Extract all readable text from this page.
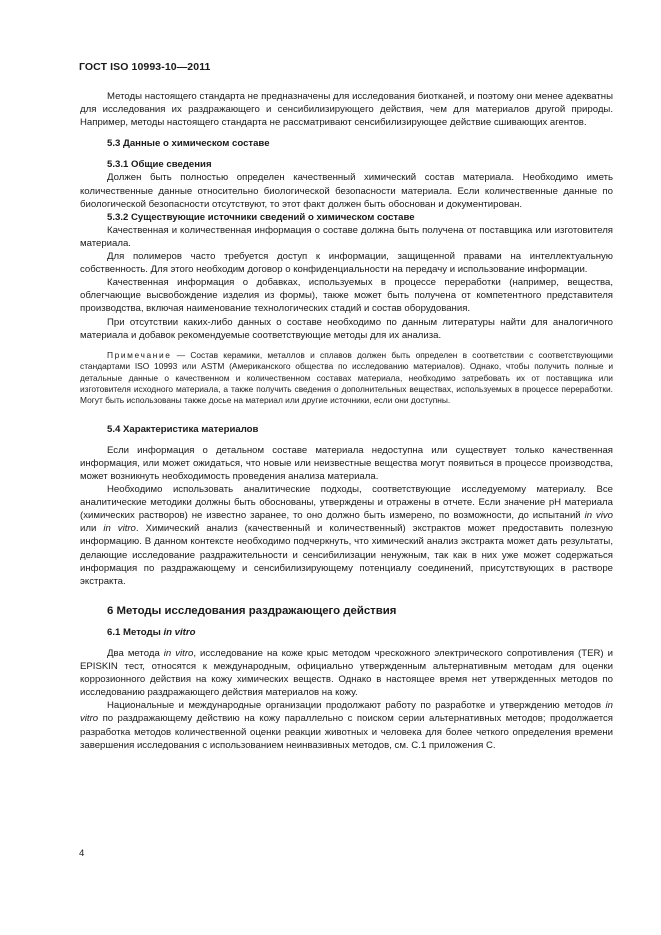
ГОСТ ISO 10993-10—2011

Методы настоящего стандарта не предназначены для исследования биотканей, и поэтому они менее адекватны для исследования их раздражающего и сенсибилизирующего действия, чем для материалов другой природы. Например, методы настоящего стандарта не рассматривают сенсибилизирующее действие сшивающих агентов.

5.3 Данные о химическом составе
5.3.1 Общие сведения

Должен быть полностью определен качественный химический состав материала. Необходимо иметь количественные данные относительно биологической безопасности материала. Если количественные данные по биологической безопасности отсутствуют, то этот факт должен быть обоснован и документирован.

5.3.2 Существующие источники сведений о химическом составе

Качественная и количественная информация о составе должна быть получена от поставщика или изготовителя материала.

Для полимеров часто требуется доступ к информации, защищенной правами на интеллектуальную собственность. Для этого необходим договор о конфиденциальности на передачу и использование информации.

Качественная информация о добавках, используемых в процессе переработки (например, вещества, облегчающие высвобождение изделия из формы), также может быть получена от компетентного представителя производства, включая наименование технологических стадий и состав оборудования.

При отсутствии каких-либо данных о составе необходимо по данным литературы найти для аналогичного материала и добавок рекомендуемые соответствующие методы для их анализа.

Примечание — Состав керамики, металлов и сплавов должен быть определен в соответствии с соответствующими стандартами ISO 10993 или ASTM (Американского общества по исследованию материалов). Однако, чтобы получить полные и детальные данные о качественном и количественном составах материала, необходимо затребовать их от поставщика или изготовителя исходного материала, а также получить сведения о дополнительных веществах, используемых в процессе переработки. Могут быть использованы также досье на материал или другие источники, если они доступны.

5.4 Характеристика материалов

Если информация о детальном составе материала недоступна или существует только качественная информация, или может ожидаться, что новые или неизвестные вещества могут появиться в процессе производства, может возникнуть необходимость проведения анализа материала.

Необходимо использовать аналитические подходы, соответствующие исследуемому материалу. Все аналитические методики должны быть обоснованы, утверждены и отражены в отчете. Если значение рН материала (химических растворов) не известно заранее, то оно должно быть измерено, по возможности, до испытаний in vivo или in vitro. Химический анализ (качественный и количественный) экстрактов может предоставить полезную информацию. В данном контексте необходимо подчеркнуть, что химический анализ экстракта может дать результаты, делающие исследование раздражительности и сенсибилизации ненужным, так как в них уже может содержаться информация по раздражающему и сенсибилизирующему потенциалу соединений, присутствующих в растворе экстракта.

6 Методы исследования раздражающего действия
6.1 Методы in vitro

Два метода in vitro, исследование на коже крыс методом чрескожного электрического сопротивления (TER) и EPISKIN тест, относятся к международным, официально утвержденным альтернативным методам для оценки коррозионного действия на кожу химических веществ. Однако в настоящее время нет утвержденных методов по исследованию раздражающего действия материалов на кожу.

Национальные и международные организации продолжают работу по разработке и утверждению методов in vitro по раздражающему действию на кожу параллельно с поиском серии альтернативных методов; продолжается разработка методов количественной оценки реакции животных и человека для более четкого определения времени завершения исследования с использованием неинвазивных методов, см. С.1 приложения С.

4
